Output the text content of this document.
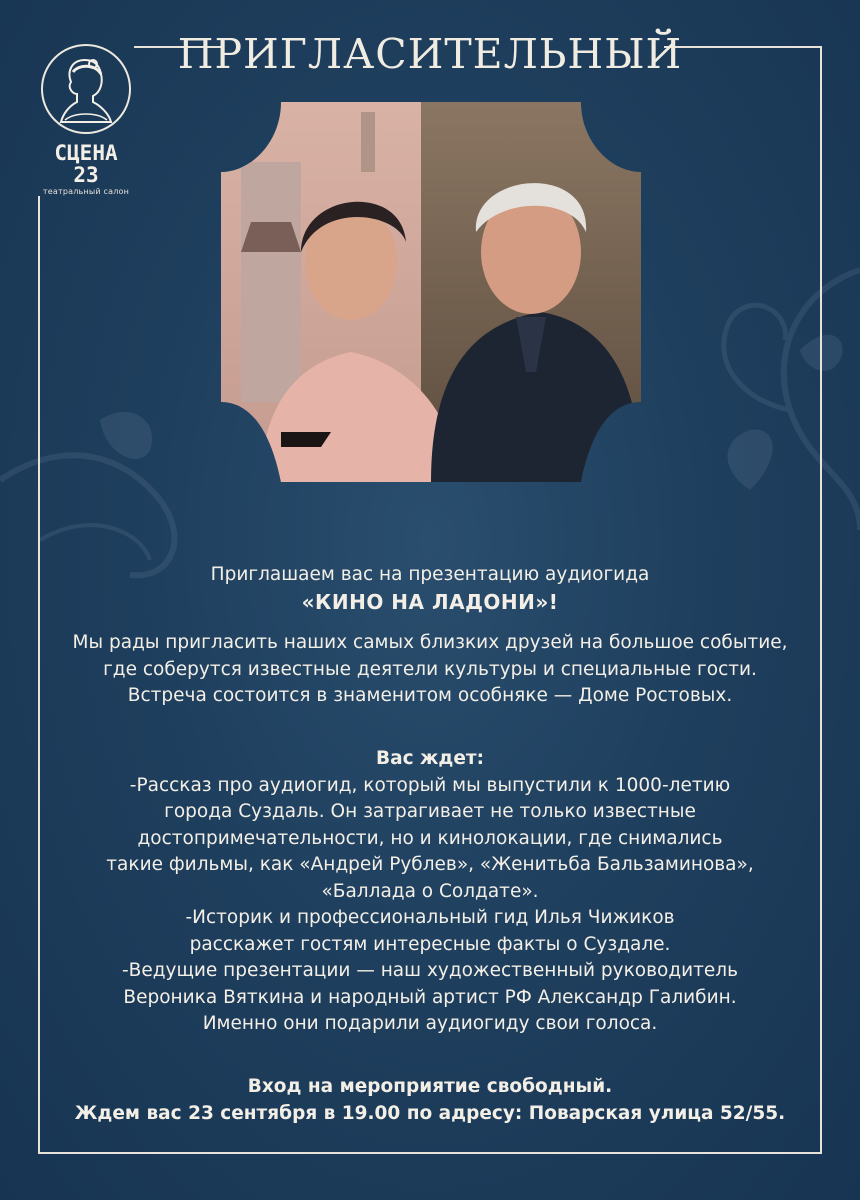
СЦЕНА 23
театральный салон
ПРИГЛАСИТЕЛЬНЫЙ

Приглашаем вас на презентацию аудиогида

«КИНО НА ЛАДОНИ»!

Мы рады пригласить наших самых близких друзей на большое событие,

где соберутся известные деятели культуры и специальные гости.

Встреча состоится в знаменитом особняке — Доме Ростовых.

Вас ждет:

-Рассказ про аудиогид, который мы выпустили к 1000-летию

города Суздаль. Он затрагивает не только известные

достопримечательности, но и кинолокации, где снимались

такие фильмы, как «Андрей Рублев», «Женитьба Бальзаминова»,

«Баллада о Солдате».

-Историк и профессиональный гид Илья Чижиков

расскажет гостям интересные факты о Суздале.

-Ведущие презентации — наш художественный руководитель

Вероника Вяткина и народный артист РФ Александр Галибин.

Именно они подарили аудиогиду свои голоса.

Вход на мероприятие свободный.

Ждем вас 23 сентября в 19.00 по адресу: Поварская улица 52/55.
